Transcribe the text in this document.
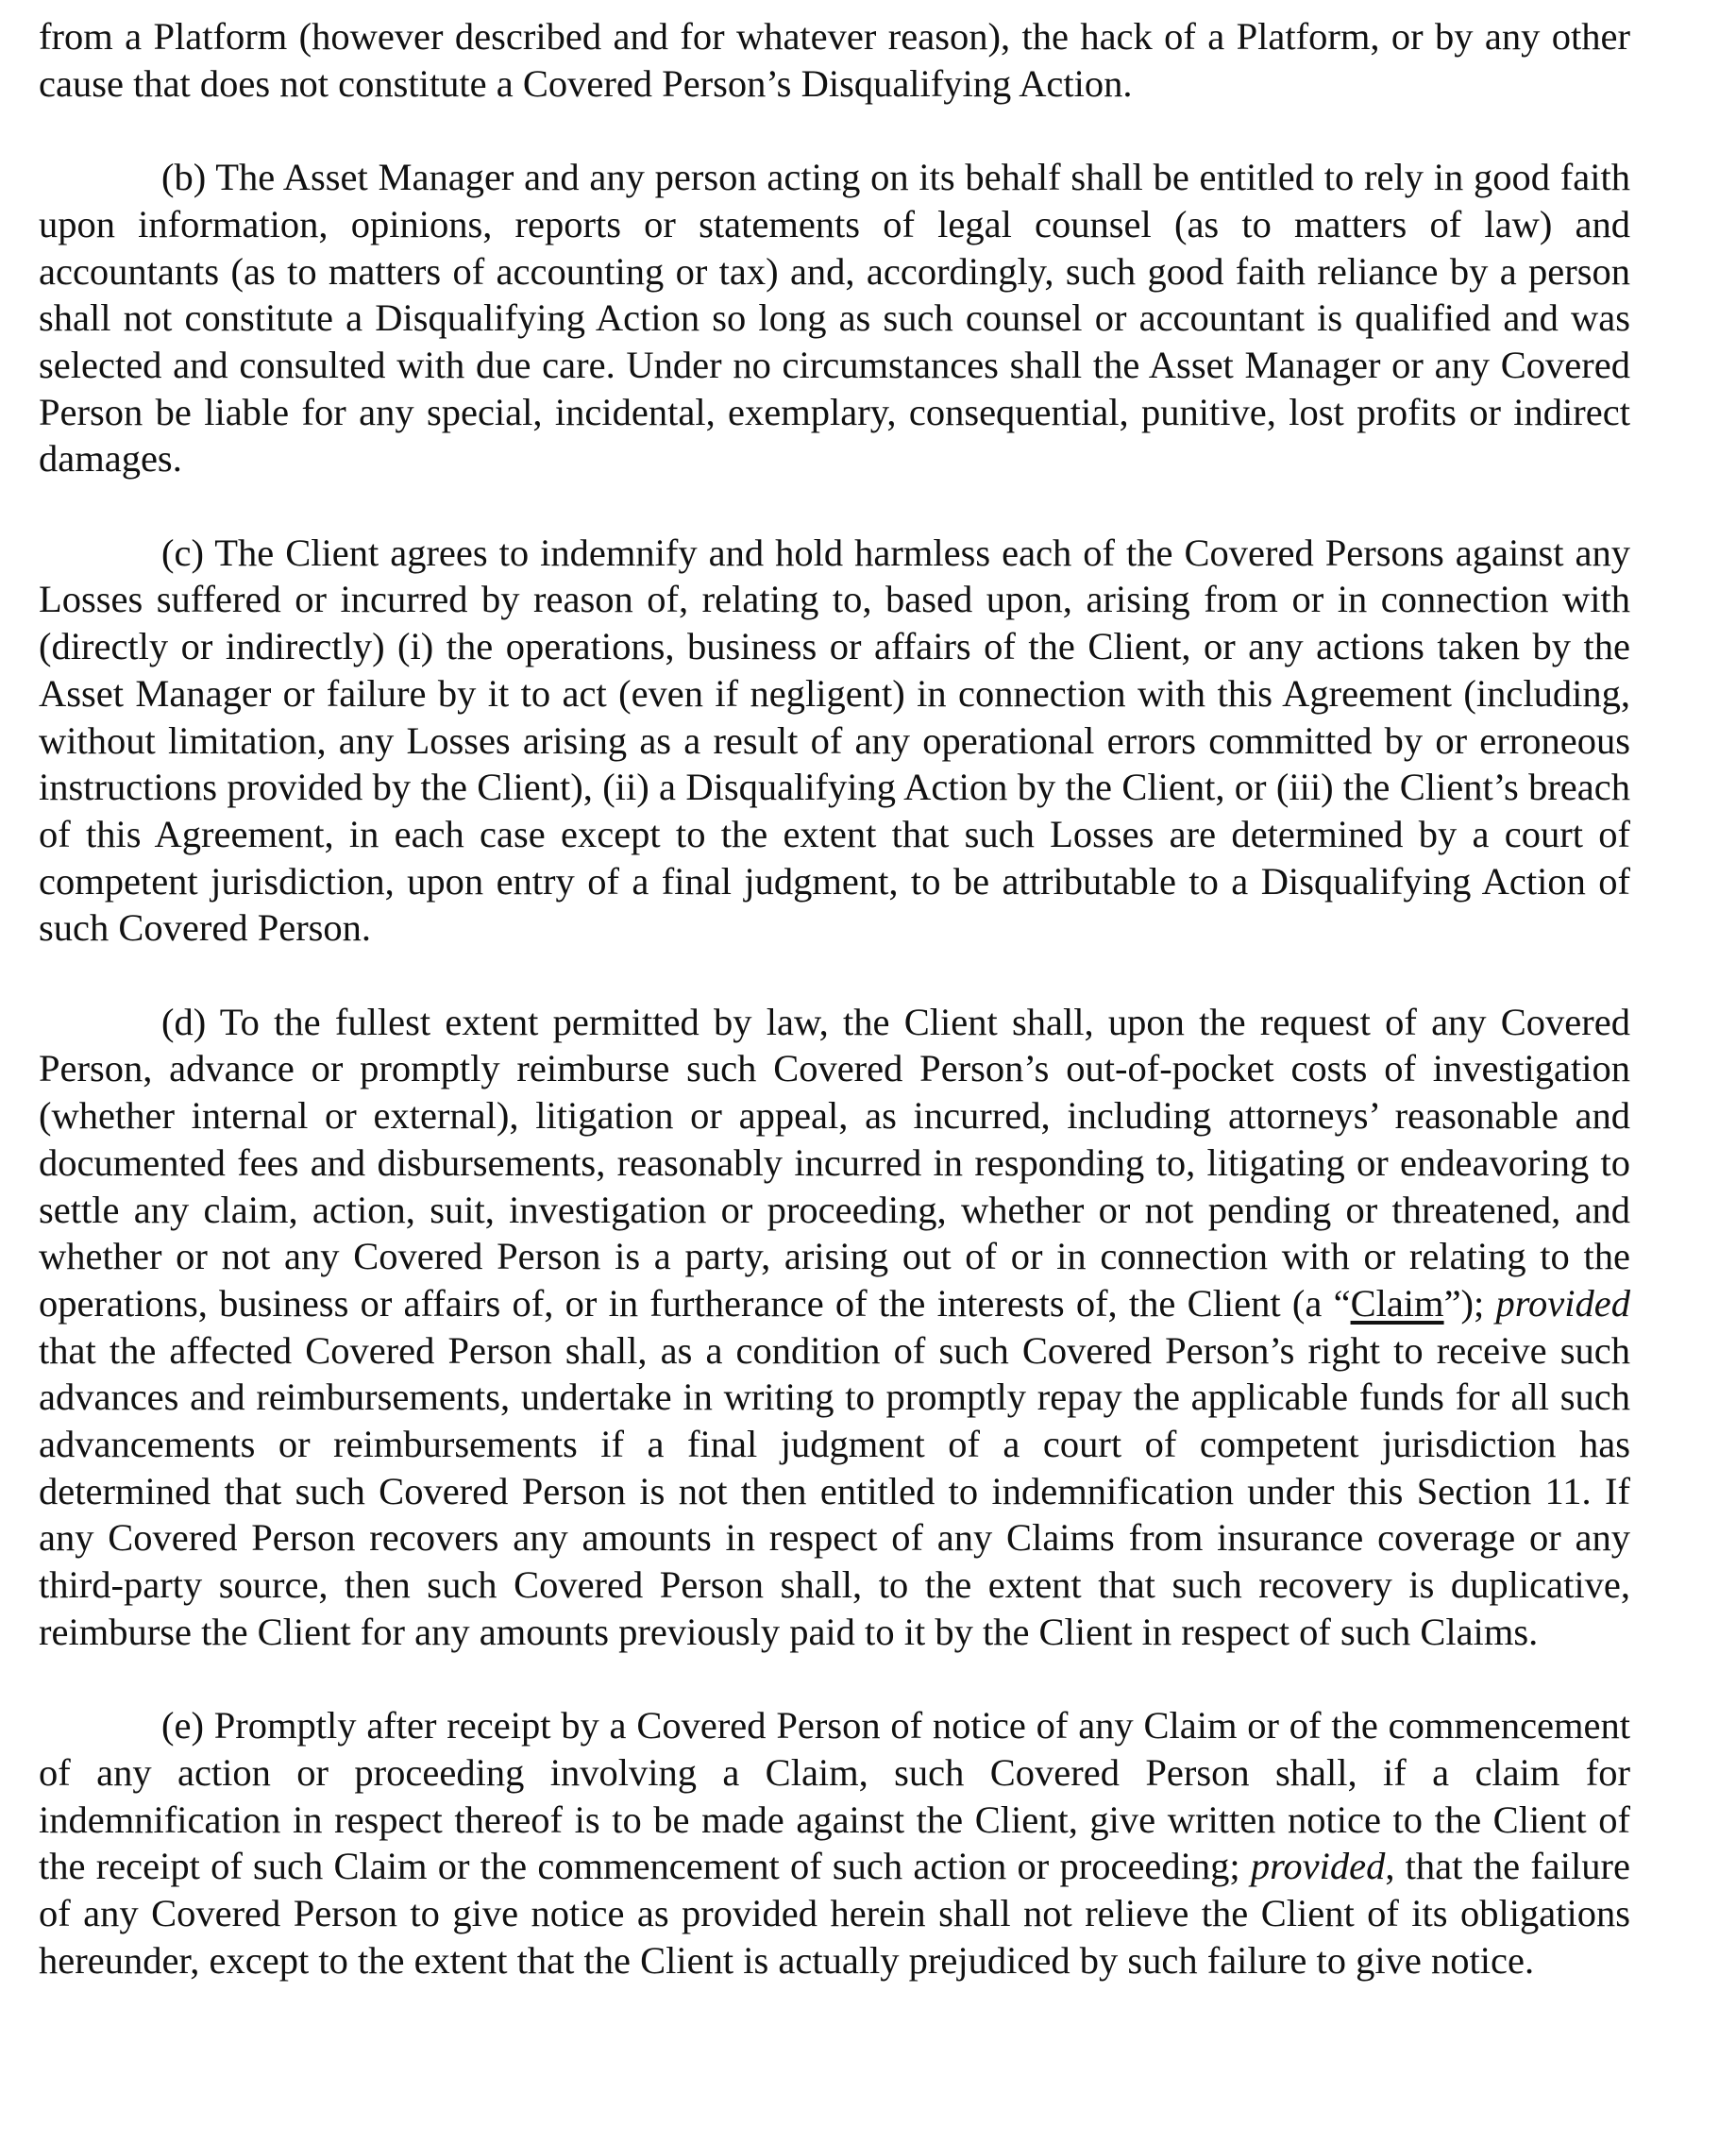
from a Platform (however described and for whatever reason), the hack of a Platform, or by any other cause that does not constitute a Covered Person’s Disqualifying Action.

(b) The Asset Manager and any person acting on its behalf shall be entitled to rely in good faith upon information, opinions, reports or statements of legal counsel (as to matters of law) and accountants (as to matters of accounting or tax) and, accordingly, such good faith reliance by a person shall not constitute a Disqualifying Action so long as such counsel or accountant is qualified and was selected and consulted with due care. Under no circumstances shall the Asset Manager or any Covered Person be liable for any special, incidental, exemplary, consequential, punitive, lost profits or indirect damages.

(c) The Client agrees to indemnify and hold harmless each of the Covered Persons against any Losses suffered or incurred by reason of, relating to, based upon, arising from or in connection with (directly or indirectly) (i) the operations, business or affairs of the Client, or any actions taken by the Asset Manager or failure by it to act (even if negligent) in connection with this Agreement (including, without limitation, any Losses arising as a result of any operational errors committed by or erroneous instructions provided by the Client), (ii) a Disqualifying Action by the Client, or (iii) the Client’s breach of this Agreement, in each case except to the extent that such Losses are determined by a court of competent jurisdiction, upon entry of a final judgment, to be attributable to a Disqualifying Action of such Covered Person.

(d) To the fullest extent permitted by law, the Client shall, upon the request of any Covered Person, advance or promptly reimburse such Covered Person’s out-of-pocket costs of investigation (whether internal or external), litigation or appeal, as incurred, including attorneys’ reasonable and documented fees and disbursements, reasonably incurred in responding to, litigating or endeavoring to settle any claim, action, suit, investigation or proceeding, whether or not pending or threatened, and whether or not any Covered Person is a party, arising out of or in connection with or relating to the operations, business or affairs of, or in furtherance of the interests of, the Client (a “Claim”); provided that the affected Covered Person shall, as a condition of such Covered Person’s right to receive such advances and reimbursements, undertake in writing to promptly repay the applicable funds for all such advancements or reimbursements if a final judgment of a court of competent jurisdiction has determined that such Covered Person is not then entitled to indemnification under this Section 11. If any Covered Person recovers any amounts in respect of any Claims from insurance coverage or any third-party source, then such Covered Person shall, to the extent that such recovery is duplicative, reimburse the Client for any amounts previously paid to it by the Client in respect of such Claims.

(e) Promptly after receipt by a Covered Person of notice of any Claim or of the commencement of any action or proceeding involving a Claim, such Covered Person shall, if a claim for indemnification in respect thereof is to be made against the Client, give written notice to the Client of the receipt of such Claim or the commencement of such action or proceeding; provided, that the failure of any Covered Person to give notice as provided herein shall not relieve the Client of its obligations hereunder, except to the extent that the Client is actually prejudiced by such failure to give notice.
